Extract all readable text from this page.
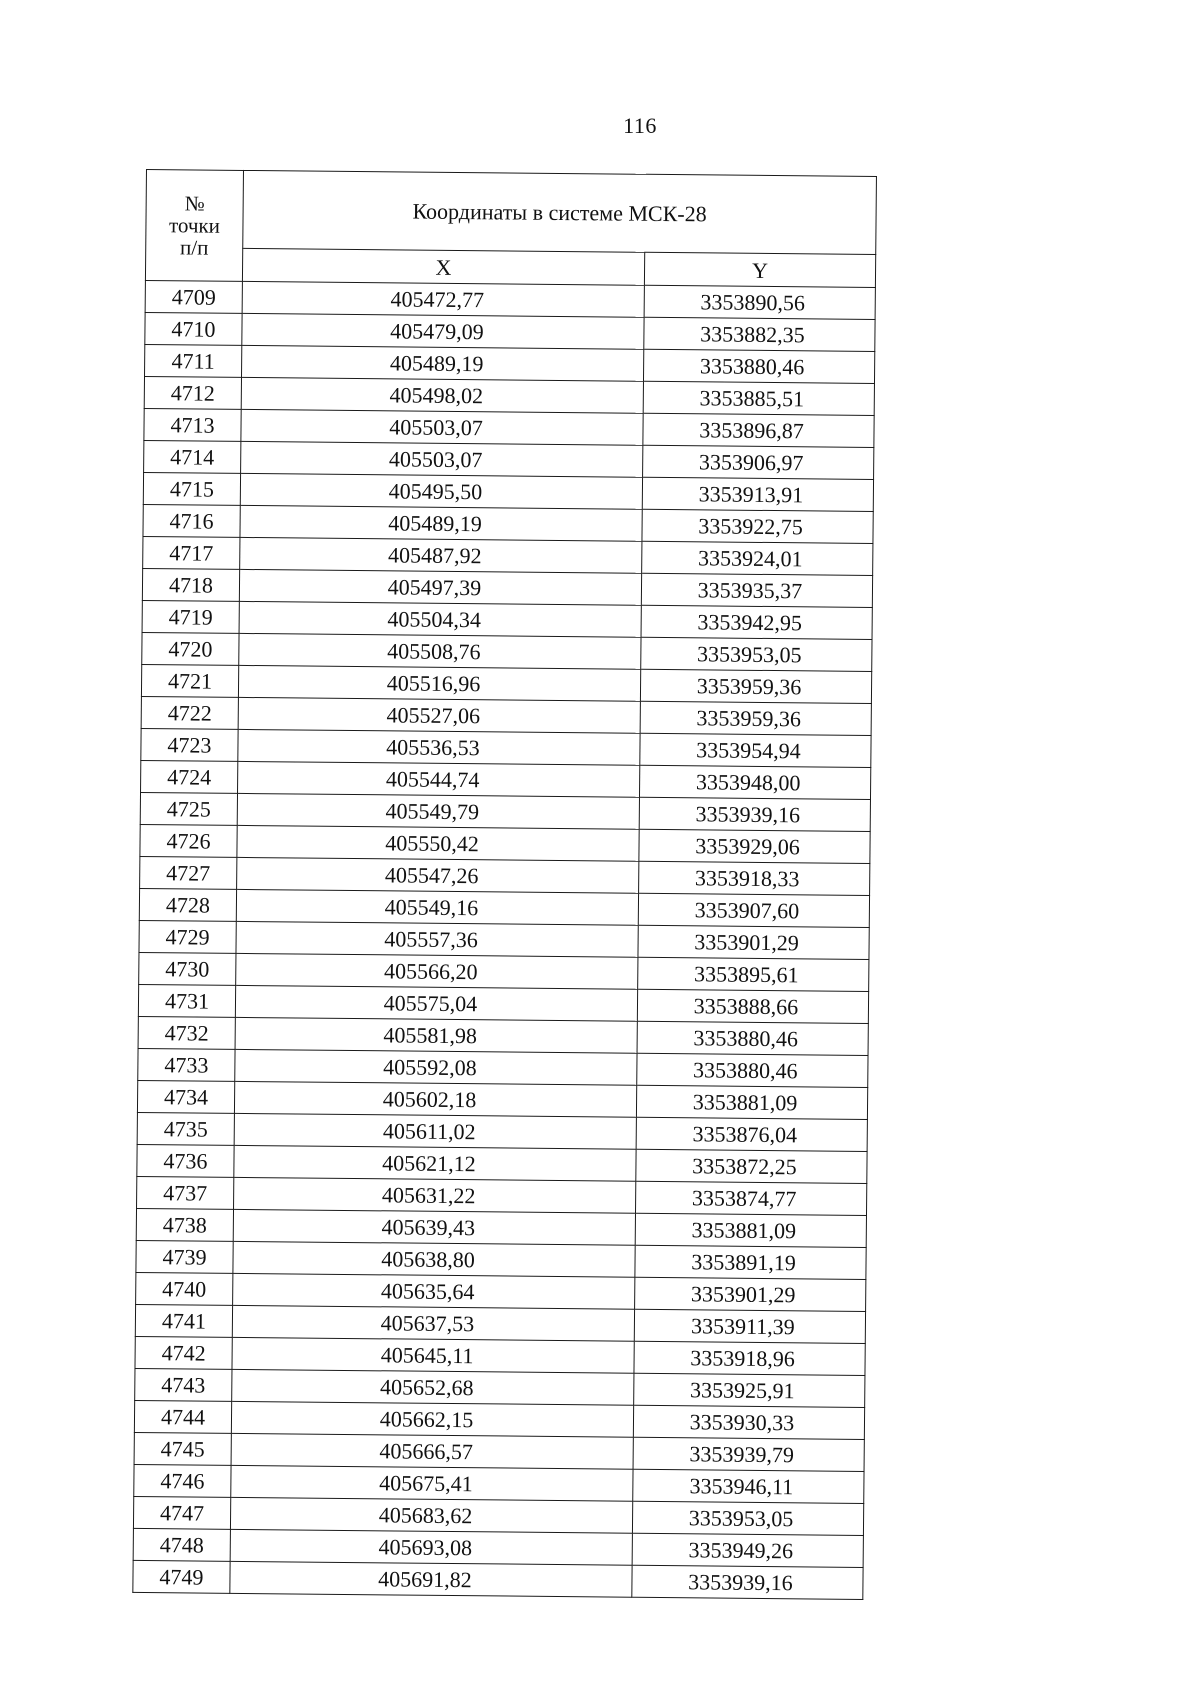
116
№
точки
п/п	Координаты в системе МСК-28	
	X	Y
4709	405472,77	3353890,56
4710	405479,09	3353882,35
4711	405489,19	3353880,46
4712	405498,02	3353885,51
4713	405503,07	3353896,87
4714	405503,07	3353906,97
4715	405495,50	3353913,91
4716	405489,19	3353922,75
4717	405487,92	3353924,01
4718	405497,39	3353935,37
4719	405504,34	3353942,95
4720	405508,76	3353953,05
4721	405516,96	3353959,36
4722	405527,06	3353959,36
4723	405536,53	3353954,94
4724	405544,74	3353948,00
4725	405549,79	3353939,16
4726	405550,42	3353929,06
4727	405547,26	3353918,33
4728	405549,16	3353907,60
4729	405557,36	3353901,29
4730	405566,20	3353895,61
4731	405575,04	3353888,66
4732	405581,98	3353880,46
4733	405592,08	3353880,46
4734	405602,18	3353881,09
4735	405611,02	3353876,04
4736	405621,12	3353872,25
4737	405631,22	3353874,77
4738	405639,43	3353881,09
4739	405638,80	3353891,19
4740	405635,64	3353901,29
4741	405637,53	3353911,39
4742	405645,11	3353918,96
4743	405652,68	3353925,91
4744	405662,15	3353930,33
4745	405666,57	3353939,79
4746	405675,41	3353946,11
4747	405683,62	3353953,05
4748	405693,08	3353949,26
4749	405691,82	3353939,16
